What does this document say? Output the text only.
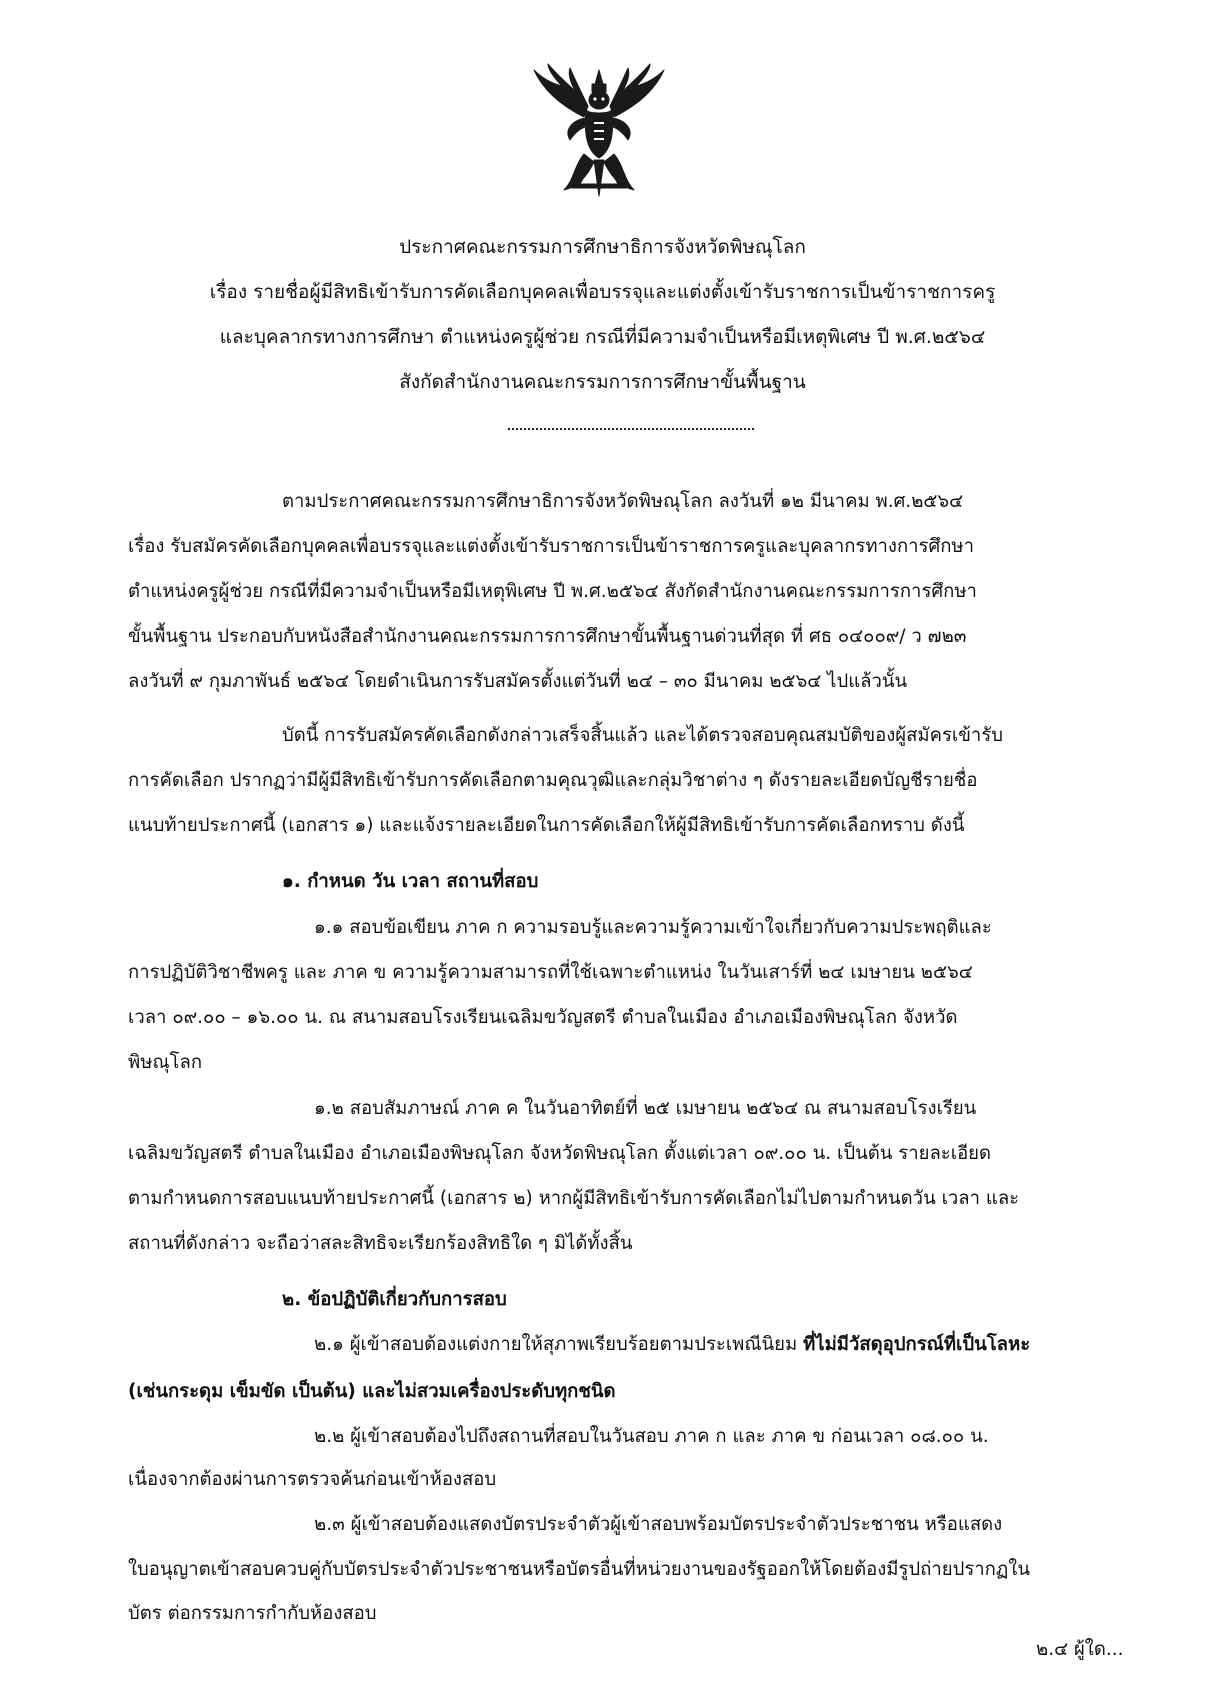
ประกาศคณะกรรมการศึกษาธิการจังหวัดพิษณุโลก
เรื่อง รายชื่อผู้มีสิทธิเข้ารับการคัดเลือกบุคคลเพื่อบรรจุและแต่งตั้งเข้ารับราชการเป็นข้าราชการครู
และบุคลากรทางการศึกษา ตำแหน่งครูผู้ช่วย กรณีที่มีความจำเป็นหรือมีเหตุพิเศษ ปี พ.ศ.๒๕๖๔
สังกัดสำนักงานคณะกรรมการการศึกษาขั้นพื้นฐาน
ตามประกาศคณะกรรมการศึกษาธิการจังหวัดพิษณุโลก ลงวันที่ ๑๒ มีนาคม พ.ศ.๒๕๖๔
เรื่อง รับสมัครคัดเลือกบุคคลเพื่อบรรจุและแต่งตั้งเข้ารับราชการเป็นข้าราชการครูและบุคลากรทางการศึกษา
ตำแหน่งครูผู้ช่วย กรณีที่มีความจำเป็นหรือมีเหตุพิเศษ ปี พ.ศ.๒๕๖๔ สังกัดสำนักงานคณะกรรมการการศึกษา
ขั้นพื้นฐาน ประกอบกับหนังสือสำนักงานคณะกรรมการการศึกษาขั้นพื้นฐานด่วนที่สุด ที่ ศธ ๐๔๐๐๙/ ว ๗๒๓
ลงวันที่ ๙ กุมภาพันธ์ ๒๕๖๔ โดยดำเนินการรับสมัครตั้งแต่วันที่ ๒๔ – ๓๐ มีนาคม ๒๕๖๔ ไปแล้วนั้น
บัดนี้ การรับสมัครคัดเลือกดังกล่าวเสร็จสิ้นแล้ว และได้ตรวจสอบคุณสมบัติของผู้สมัครเข้ารับ
การคัดเลือก ปรากฏว่ามีผู้มีสิทธิเข้ารับการคัดเลือกตามคุณวุฒิและกลุ่มวิชาต่าง ๆ ดังรายละเอียดบัญชีรายชื่อ
แนบท้ายประกาศนี้ (เอกสาร ๑) และแจ้งรายละเอียดในการคัดเลือกให้ผู้มีสิทธิเข้ารับการคัดเลือกทราบ ดังนี้
๑. กำหนด วัน เวลา สถานที่สอบ
๑.๑ สอบข้อเขียน ภาค ก ความรอบรู้และความรู้ความเข้าใจเกี่ยวกับความประพฤติและ
การปฏิบัติวิชาชีพครู และ ภาค ข ความรู้ความสามารถที่ใช้เฉพาะตำแหน่ง ในวันเสาร์ที่ ๒๔ เมษายน ๒๕๖๔
เวลา ๐๙.๐๐ – ๑๖.๐๐ น. ณ สนามสอบโรงเรียนเฉลิมขวัญสตรี ตำบลในเมือง อำเภอเมืองพิษณุโลก จังหวัด
พิษณุโลก
๑.๒ สอบสัมภาษณ์ ภาค ค ในวันอาทิตย์ที่ ๒๕ เมษายน ๒๕๖๔ ณ สนามสอบโรงเรียน
เฉลิมขวัญสตรี ตำบลในเมือง อำเภอเมืองพิษณุโลก จังหวัดพิษณุโลก ตั้งแต่เวลา ๐๙.๐๐ น. เป็นต้น รายละเอียด
ตามกำหนดการสอบแนบท้ายประกาศนี้ (เอกสาร ๒) หากผู้มีสิทธิเข้ารับการคัดเลือกไม่ไปตามกำหนดวัน เวลา และ
สถานที่ดังกล่าว จะถือว่าสละสิทธิจะเรียกร้องสิทธิใด ๆ มิได้ทั้งสิ้น
๒. ข้อปฏิบัติเกี่ยวกับการสอบ
๒.๑ ผู้เข้าสอบต้องแต่งกายให้สุภาพเรียบร้อยตามประเพณีนิยม ที่ไม่มีวัสดุอุปกรณ์ที่เป็นโลหะ
(เช่นกระดุม เข็มขัด เป็นต้น) และไม่สวมเครื่องประดับทุกชนิด
๒.๒ ผู้เข้าสอบต้องไปถึงสถานที่สอบในวันสอบ ภาค ก และ ภาค ข ก่อนเวลา ๐๘.๐๐ น.
เนื่องจากต้องผ่านการตรวจค้นก่อนเข้าห้องสอบ
๒.๓ ผู้เข้าสอบต้องแสดงบัตรประจำตัวผู้เข้าสอบพร้อมบัตรประจำตัวประชาชน หรือแสดง
ใบอนุญาตเข้าสอบควบคู่กับบัตรประจำตัวประชาชนหรือบัตรอื่นที่หน่วยงานของรัฐออกให้โดยต้องมีรูปถ่ายปรากฏใน
บัตร ต่อกรรมการกำกับห้องสอบ
๒.๔ ผู้ใด...
